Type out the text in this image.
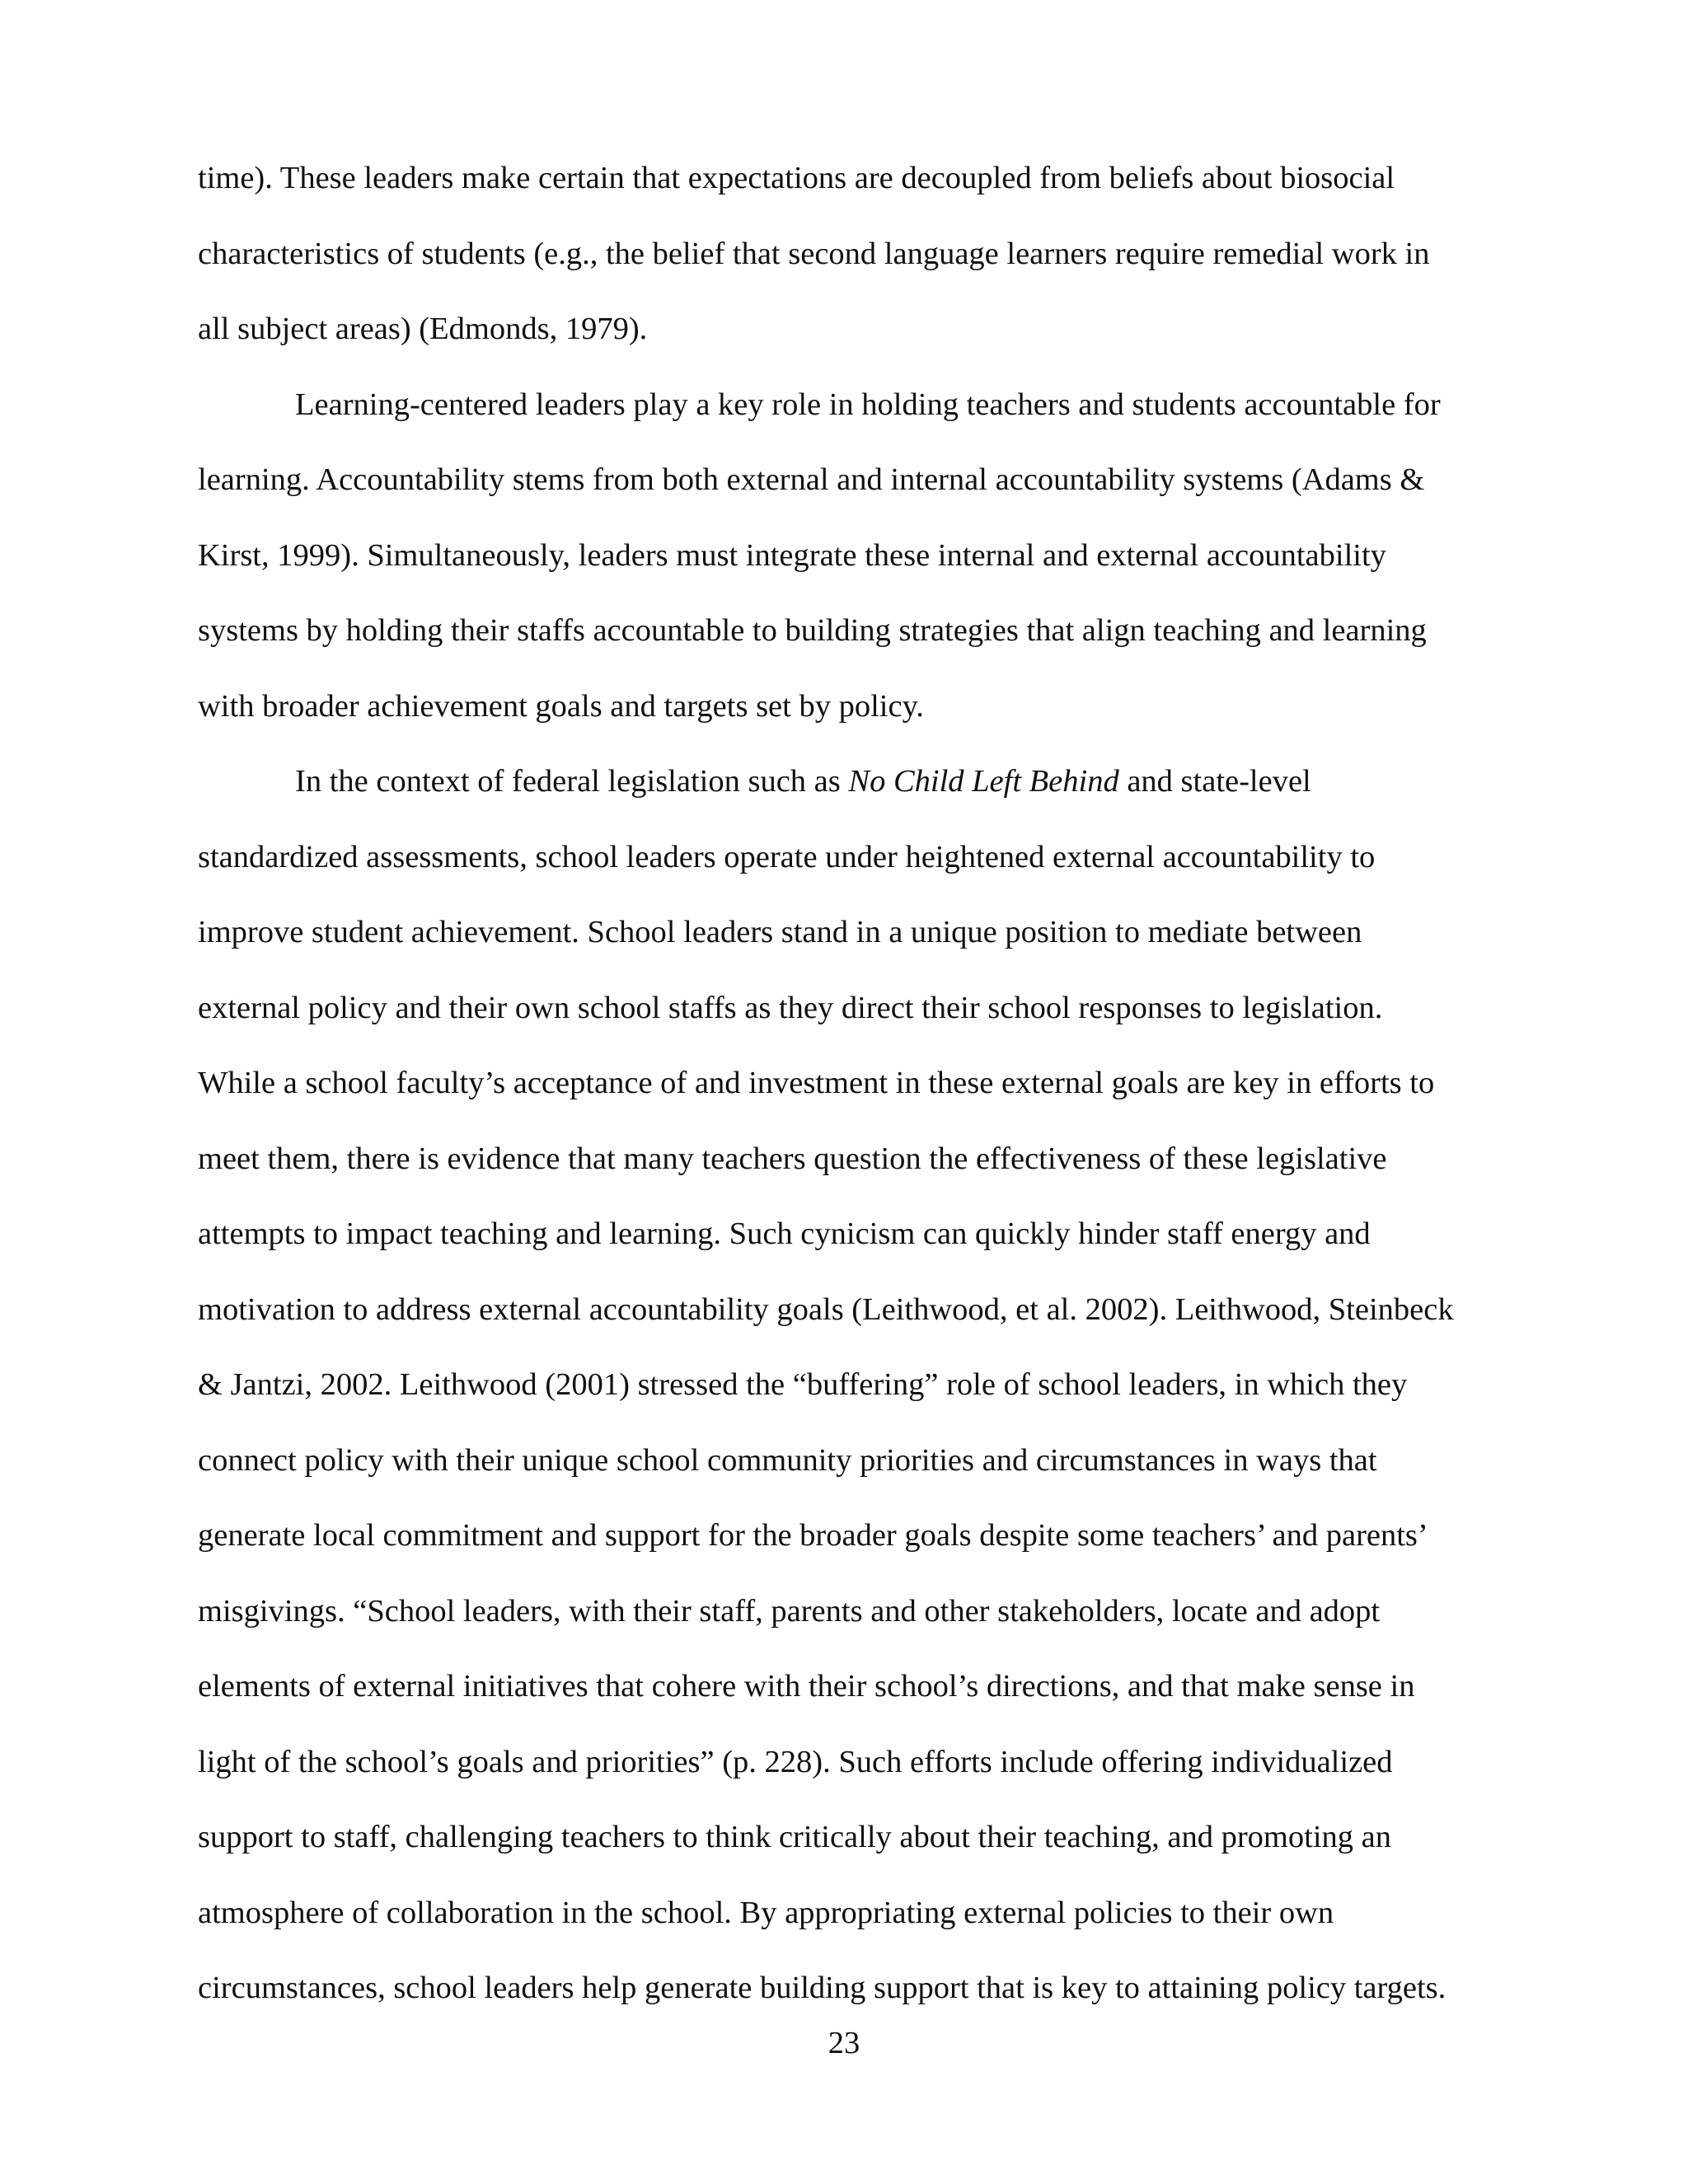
time). These leaders make certain that expectations are decoupled from beliefs about biosocial
characteristics of students (e.g., the belief that second language learners require remedial work in
all subject areas) (Edmonds, 1979).
Learning-centered leaders play a key role in holding teachers and students accountable for
learning. Accountability stems from both external and internal accountability systems (Adams &
Kirst, 1999). Simultaneously, leaders must integrate these internal and external accountability
systems by holding their staffs accountable to building strategies that align teaching and learning
with broader achievement goals and targets set by policy.
In the context of federal legislation such as No Child Left Behind and state-level
standardized assessments, school leaders operate under heightened external accountability to
improve student achievement. School leaders stand in a unique position to mediate between
external policy and their own school staffs as they direct their school responses to legislation.
While a school faculty’s acceptance of and investment in these external goals are key in efforts to
meet them, there is evidence that many teachers question the effectiveness of these legislative
attempts to impact teaching and learning. Such cynicism can quickly hinder staff energy and
motivation to address external accountability goals (Leithwood, et al. 2002). Leithwood, Steinbeck
& Jantzi, 2002. Leithwood (2001) stressed the “buffering” role of school leaders, in which they
connect policy with their unique school community priorities and circumstances in ways that
generate local commitment and support for the broader goals despite some teachers’ and parents’
misgivings. “School leaders, with their staff, parents and other stakeholders, locate and adopt
elements of external initiatives that cohere with their school’s directions, and that make sense in
light of the school’s goals and priorities” (p. 228). Such efforts include offering individualized
support to staff, challenging teachers to think critically about their teaching, and promoting an
atmosphere of collaboration in the school. By appropriating external policies to their own
circumstances, school leaders help generate building support that is key to attaining policy targets.
23
